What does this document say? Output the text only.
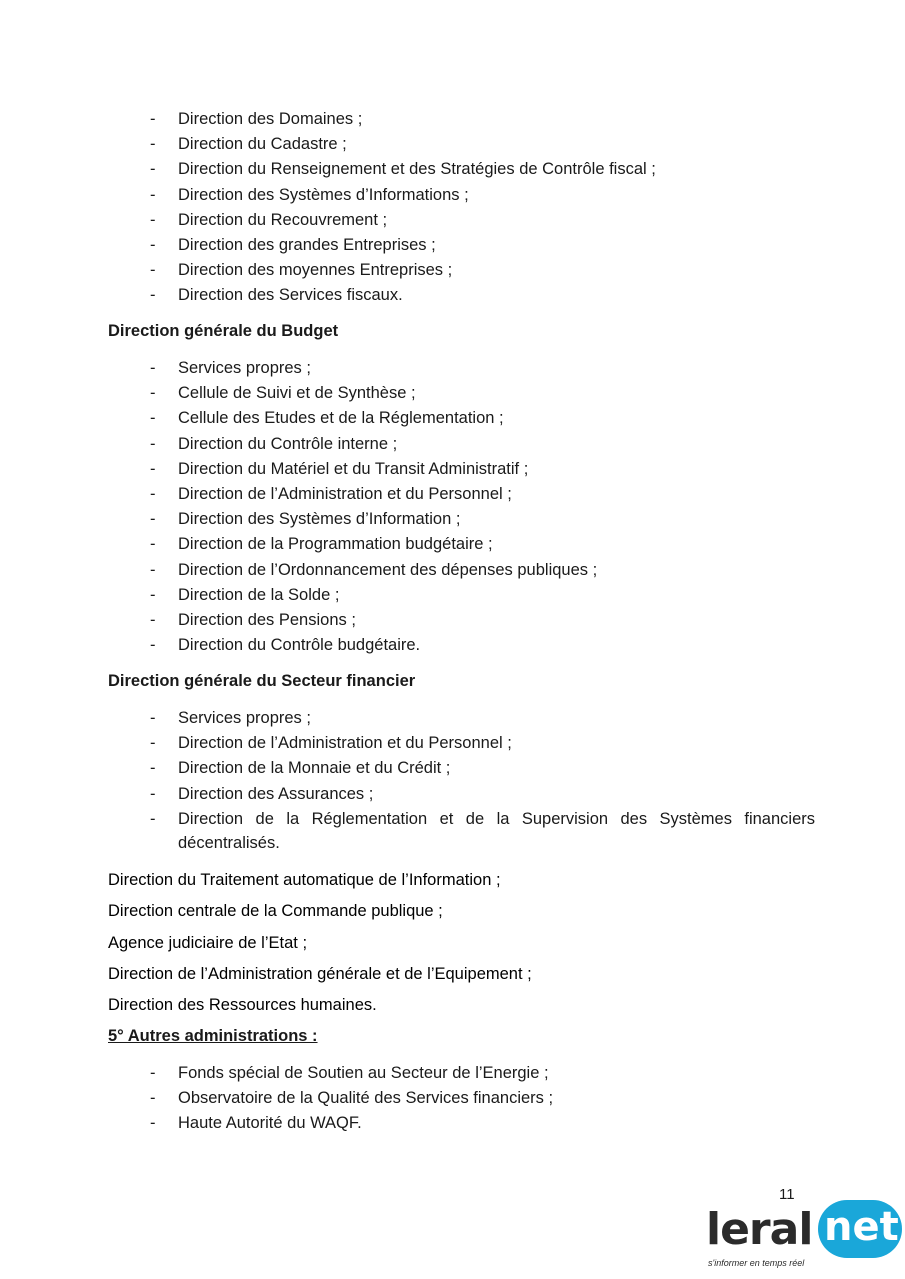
-	Direction des Domaines ;
-	Direction du Cadastre ;
-	Direction du Renseignement et des Stratégies de Contrôle fiscal ;
-	Direction des Systèmes d’Informations ;
-	Direction du Recouvrement ;
-	Direction des grandes Entreprises ;
-	Direction des moyennes Entreprises ;
-	Direction des Services fiscaux.
Direction générale du Budget
-	Services propres ;
-	Cellule de Suivi et de Synthèse ;
-	Cellule des Etudes et de la Réglementation ;
-	Direction du Contrôle interne ;
-	Direction du Matériel et du Transit Administratif ;
-	Direction de l’Administration et du Personnel ;
-	Direction des Systèmes d’Information ;
-	Direction de la Programmation budgétaire ;
-	Direction de l’Ordonnancement des dépenses publiques ;
-	Direction de la Solde ;
-	Direction des Pensions ;
-	Direction du Contrôle budgétaire.
Direction générale du Secteur financier
-	Services propres ;
-	Direction de l’Administration et du Personnel ;
-	Direction de la Monnaie et du Crédit ;
-	Direction des Assurances ;
-	Direction de la Réglementation et de la Supervision des Systèmes financiers décentralisés.
Direction du Traitement automatique de l’Information ;
Direction centrale de la Commande publique ;
Agence judiciaire de l’Etat ;
Direction de l’Administration générale et de l’Equipement ;
Direction des Ressources humaines.
5° Autres administrations :
-	Fonds spécial de Soutien au Secteur de l’Energie ;
-	Observatoire de la Qualité des Services financiers ;
-	Haute Autorité du WAQF.
11
leral net
s'informer en temps réel
